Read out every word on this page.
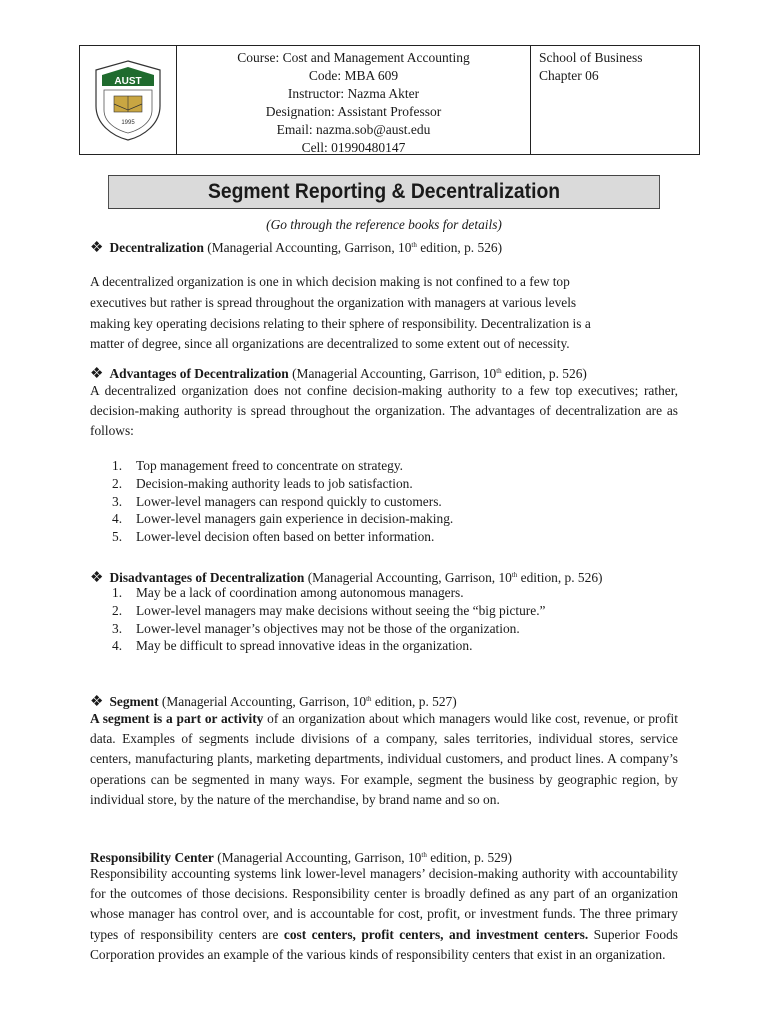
AUST
1995
Course: Cost and Management Accounting
Code: MBA 609
Instructor: Nazma Akter
Designation: Assistant Professor
Email: nazma.sob@aust.edu
Cell: 01990480147
School of Business
Chapter 06
Segment Reporting & Decentralization
(Go through the reference books for details)
❖ Decentralization (Managerial Accounting, Garrison, 10th edition, p. 526)
A decentralized organization is one in which decision making is not confined to a few top
executives but rather is spread throughout the organization with managers at various levels
making key operating decisions relating to their sphere of responsibility. Decentralization is a
matter of degree, since all organizations are decentralized to some extent out of necessity.
❖ Advantages of Decentralization (Managerial Accounting, Garrison, 10th edition, p. 526)
A decentralized organization does not confine decision-making authority to a few top executives; rather, decision-making authority is spread throughout the organization. The advantages of decentralization are as follows:
1. Top management freed to concentrate on strategy.
2. Decision-making authority leads to job satisfaction.
3. Lower-level managers can respond quickly to customers.
4. Lower-level managers gain experience in decision-making.
5. Lower-level decision often based on better information.
❖ Disadvantages of Decentralization (Managerial Accounting, Garrison, 10th edition, p. 526)
1. May be a lack of coordination among autonomous managers.
2. Lower-level managers may make decisions without seeing the “big picture.”
3. Lower-level manager’s objectives may not be those of the organization.
4. May be difficult to spread innovative ideas in the organization.
❖ Segment (Managerial Accounting, Garrison, 10th edition, p. 527)
A segment is a part or activity of an organization about which managers would like cost, revenue, or profit data. Examples of segments include divisions of a company, sales territories, individual stores, service centers, manufacturing plants, marketing departments, individual customers, and product lines. A company’s operations can be segmented in many ways. For example, segment the business by geographic region, by individual store, by the nature of the merchandise, by brand name and so on.
Responsibility Center (Managerial Accounting, Garrison, 10th edition, p. 529)
Responsibility accounting systems link lower-level managers’ decision-making authority with accountability for the outcomes of those decisions. Responsibility center is broadly defined as any part of an organization whose manager has control over, and is accountable for cost, profit, or investment funds. The three primary types of responsibility centers are cost centers, profit centers, and investment centers. Superior Foods Corporation provides an example of the various kinds of responsibility centers that exist in an organization.
